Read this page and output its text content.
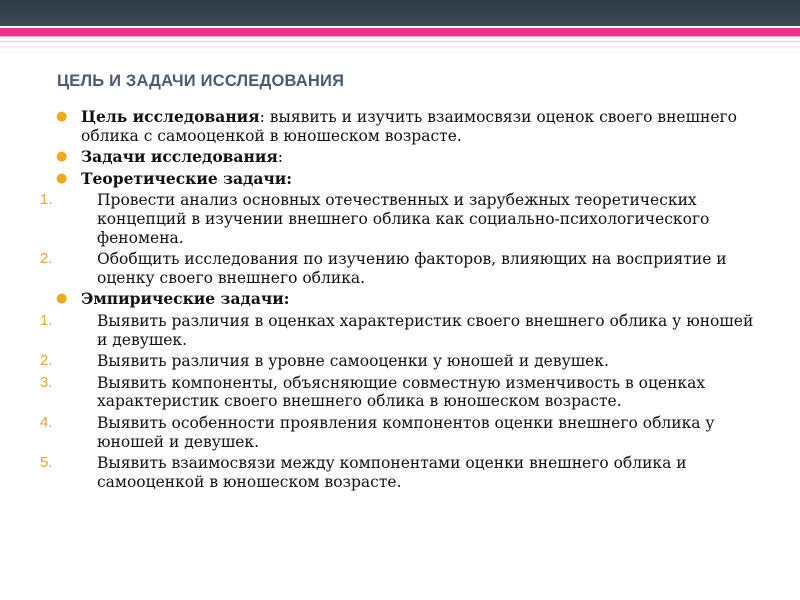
ЦЕЛЬ И ЗАДАЧИ ИССЛЕДОВАНИЯ
● Цель исследования: выявить и изучить взаимосвязи оценок своего внешнего облика с самооценкой в юношеском возрасте.
● Задачи исследования:
● Теоретические задачи:
1.	Провести анализ основных отечественных и зарубежных теоретических концепций в изучении внешнего облика как социально-психологического феномена.
2.	Обобщить исследования по изучению факторов, влияющих на восприятие и оценку своего внешнего облика.
● Эмпирические задачи:
1.	Выявить различия в оценках характеристик своего внешнего облика у юношей и девушек.
2.	Выявить различия в уровне самооценки у юношей и девушек.
3.	Выявить компоненты, объясняющие совместную изменчивость в оценках характеристик своего внешнего облика в юношеском возрасте.
4.	Выявить особенности проявления компонентов оценки внешнего облика у юношей и девушек.
5.	Выявить взаимосвязи между компонентами оценки внешнего облика и самооценкой в юношеском возрасте.
